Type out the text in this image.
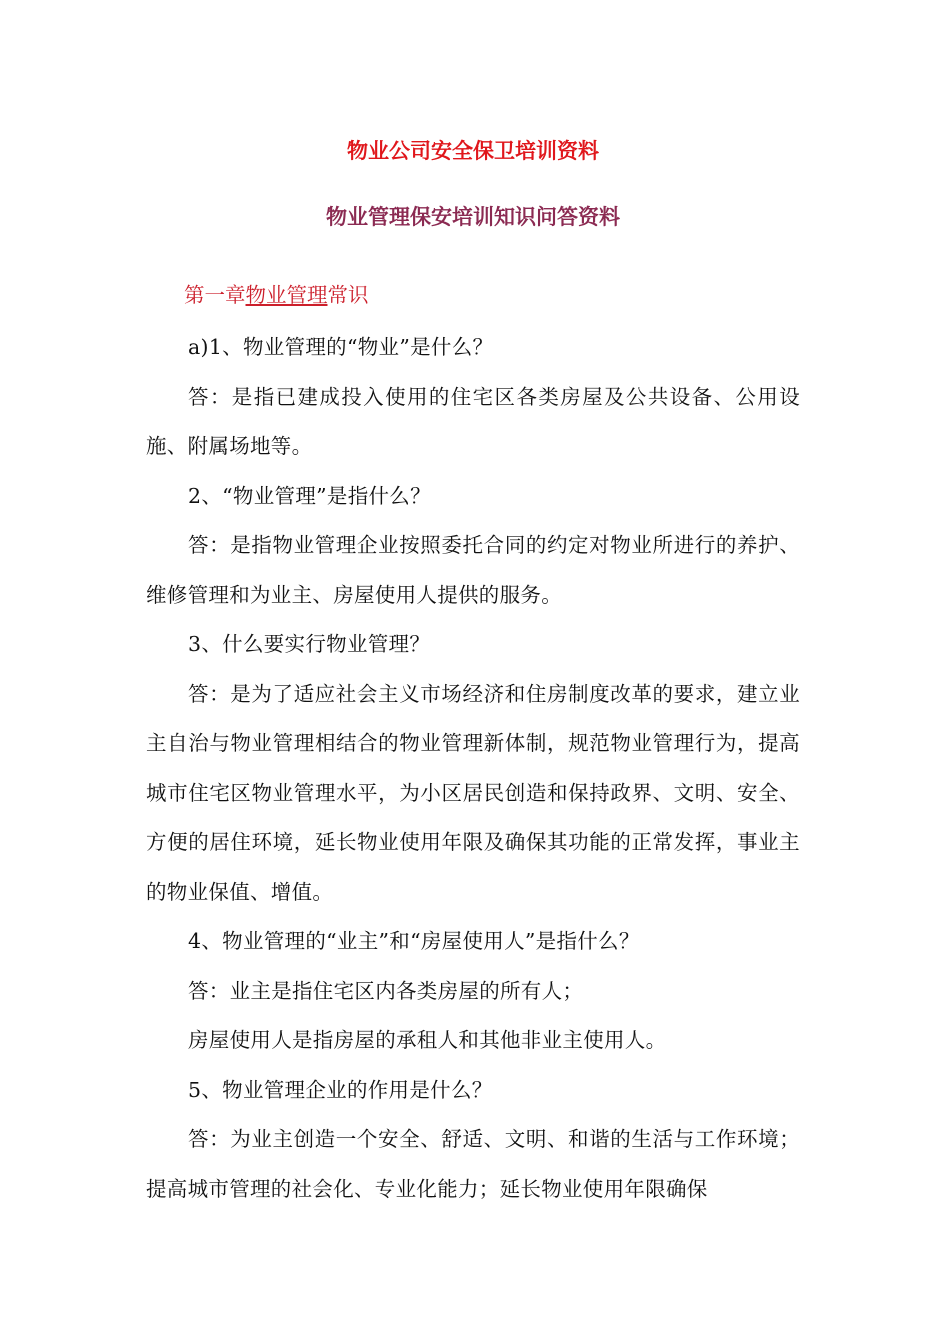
物业公司安全保卫培训资料
物业管理保安培训知识问答资料
第一章物业管理常识

a)1、物业管理的“物业”是什么？

答：是指已建成投入使用的住宅区各类房屋及公共设备、公用设施、附属场地等。

2、“物业管理”是指什么？

答：是指物业管理企业按照委托合同的约定对物业所进行的养护、维修管理和为业主、房屋使用人提供的服务。

3、什么要实行物业管理？

答：是为了适应社会主义市场经济和住房制度改革的要求，建立业主自治与物业管理相结合的物业管理新体制，规范物业管理行为，提高城市住宅区物业管理水平，为小区居民创造和保持政界、文明、安全、方便的居住环境，延长物业使用年限及确保其功能的正常发挥，事业主的物业保值、增值。

4、物业管理的“业主”和“房屋使用人”是指什么？

答：业主是指住宅区内各类房屋的所有人；

房屋使用人是指房屋的承租人和其他非业主使用人。

5、物业管理企业的作用是什么？

答：为业主创造一个安全、舒适、文明、和谐的生活与工作环境；提高城市管理的社会化、专业化能力；延长物业使用年限确保
